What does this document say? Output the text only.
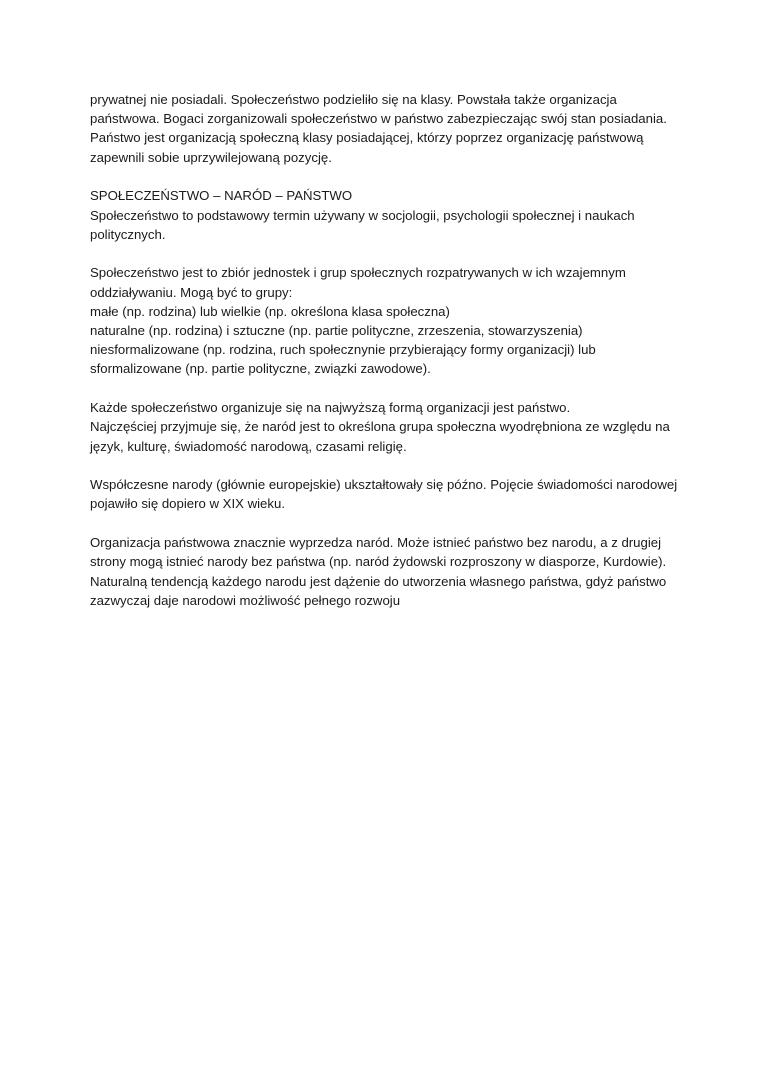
prywatnej nie posiadali. Społeczeństwo podzieliło się na klasy. Powstała także organizacja
państwowa. Bogaci zorganizowali społeczeństwo w państwo zabezpieczając swój stan posiadania.
Państwo jest organizacją społeczną klasy posiadającej, którzy poprzez organizację państwową
zapewnili sobie uprzywilejowaną pozycję.
SPOŁECZEŃSTWO – NARÓD – PAŃSTWO
Społeczeństwo to podstawowy termin używany w socjologii, psychologii społecznej i naukach
politycznych.
Społeczeństwo jest to zbiór jednostek i grup społecznych rozpatrywanych w ich wzajemnym
oddziaływaniu. Mogą być to grupy:
małe (np. rodzina) lub wielkie (np. określona klasa społeczna)
naturalne (np. rodzina) i sztuczne (np. partie polityczne, zrzeszenia, stowarzyszenia)
niesformalizowane (np. rodzina, ruch społecznynie przybierający formy organizacji) lub
sformalizowane (np. partie polityczne, związki zawodowe).
Każde społeczeństwo organizuje się na najwyższą formą organizacji jest państwo.
Najczęściej przyjmuje się, że naród jest to określona grupa społeczna wyodrębniona ze względu na
język, kulturę, świadomość narodową, czasami religię.
Współczesne narody (głównie europejskie) ukształtowały się późno. Pojęcie świadomości narodowej
pojawiło się dopiero w XIX wieku.
Organizacja państwowa znacznie wyprzedza naród. Może istnieć państwo bez narodu, a z drugiej
strony mogą istnieć narody bez państwa (np. naród żydowski rozproszony w diasporze, Kurdowie).
Naturalną tendencją każdego narodu jest dążenie do utworzenia własnego państwa, gdyż państwo
zazwyczaj daje narodowi możliwość pełnego rozwoju
